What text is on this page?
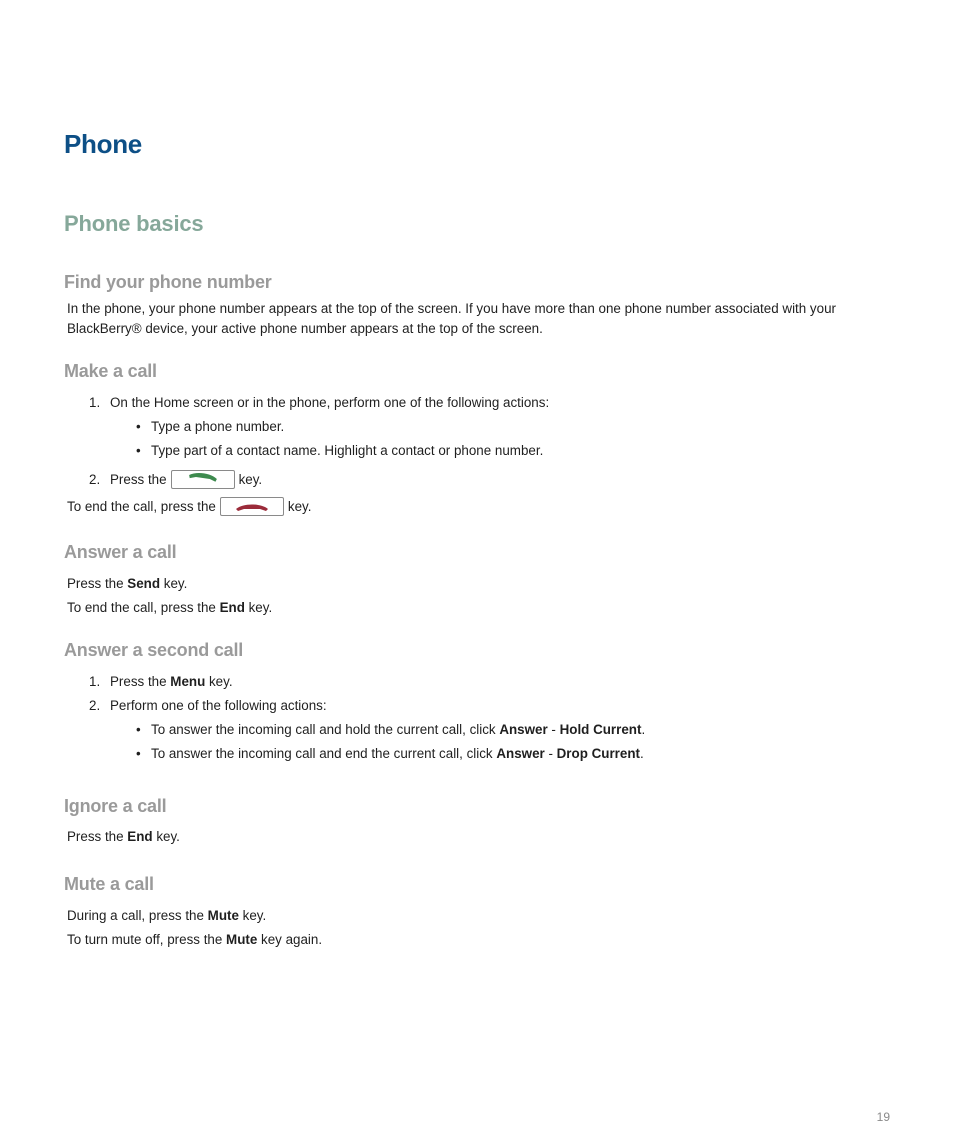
Phone
Phone basics
Find your phone number
In the phone, your phone number appears at the top of the screen. If you have more than one phone number associated with your
BlackBerry® device, your active phone number appears at the top of the screen.
Make a call
1. On the Home screen or in the phone, perform one of the following actions:
• Type a phone number.
• Type part of a contact name. Highlight a contact or phone number.
2. Press the	key.
To end the call, press the	key.
Answer a call
Press the Send key.
To end the call, press the End key.
Answer a second call
1. Press the Menu key.
2. Perform one of the following actions:
• To answer the incoming call and hold the current call, click Answer - Hold Current.
• To answer the incoming call and end the current call, click Answer - Drop Current.
Ignore a call
Press the End key.
Mute a call
During a call, press the Mute key.
To turn mute off, press the Mute key again.
19
